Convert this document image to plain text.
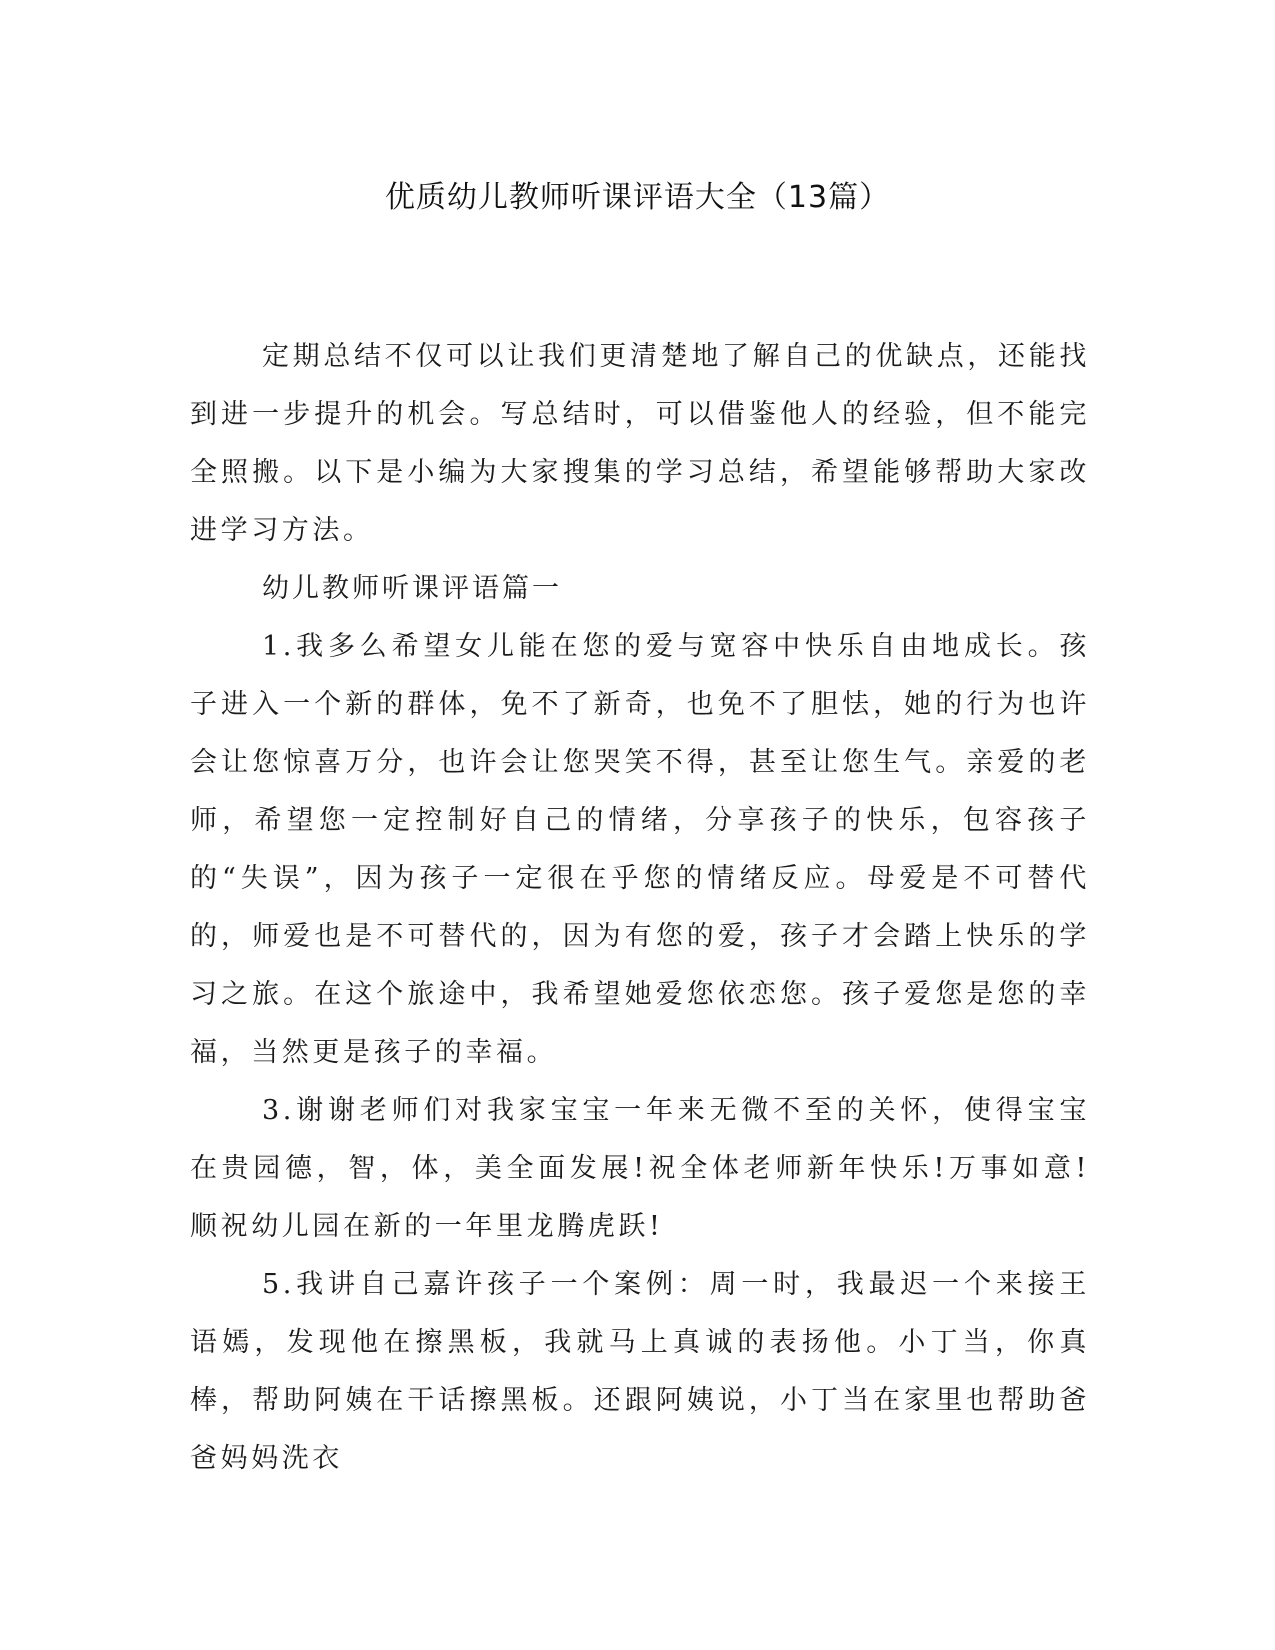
优质幼儿教师听课评语大全（13篇）

定期总结不仅可以让我们更清楚地了解自己的优缺点，还能找到进一步提升的机会。写总结时，可以借鉴他人的经验，但不能完全照搬。以下是小编为大家搜集的学习总结，希望能够帮助大家改进学习方法。

幼儿教师听课评语篇一

1.我多么希望女儿能在您的爱与宽容中快乐自由地成长。孩子进入一个新的群体，免不了新奇，也免不了胆怯，她的行为也许会让您惊喜万分，也许会让您哭笑不得，甚至让您生气。亲爱的老师，希望您一定控制好自己的情绪，分享孩子的快乐，包容孩子的“失误”，因为孩子一定很在乎您的情绪反应。母爱是不可替代的，师爱也是不可替代的，因为有您的爱，孩子才会踏上快乐的学习之旅。在这个旅途中，我希望她爱您依恋您。孩子爱您是您的幸福，当然更是孩子的幸福。

3.谢谢老师们对我家宝宝一年来无微不至的关怀，使得宝宝在贵园德，智，体，美全面发展!祝全体老师新年快乐!万事如意!顺祝幼儿园在新的一年里龙腾虎跃!

5.我讲自己嘉许孩子一个案例：周一时，我最迟一个来接王语嫣，发现他在擦黑板，我就马上真诚的表扬他。小丁当，你真棒，帮助阿姨在干话擦黑板。还跟阿姨说，小丁当在家里也帮助爸爸妈妈洗衣
